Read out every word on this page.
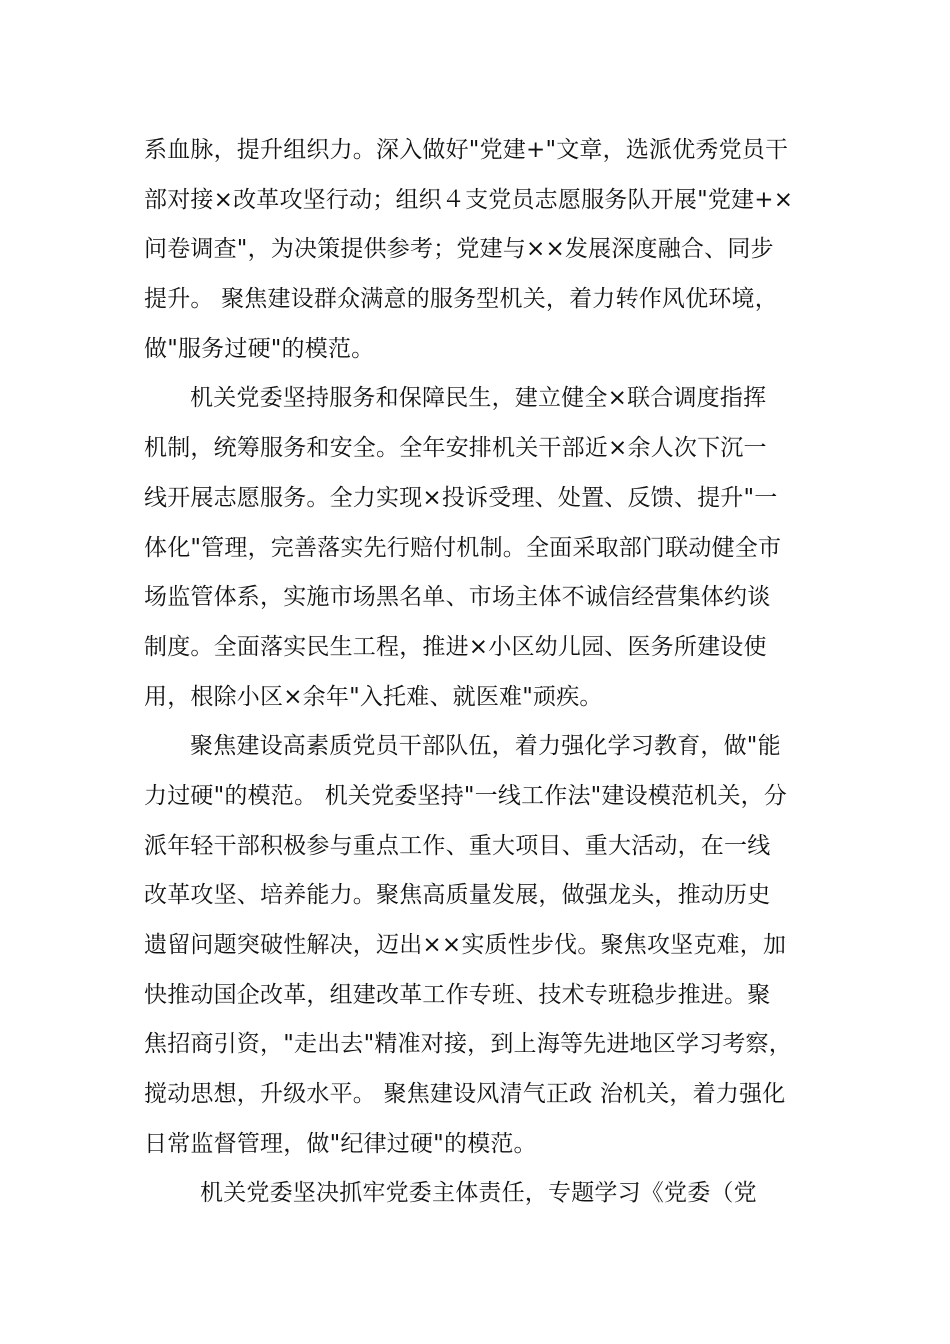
系血脉，提升组织力。深入做好"党建+"文章，选派优秀党员干
部对接×改革攻坚行动；组织４支党员志愿服务队开展"党建+×
问卷调查"，为决策提供参考；党建与××发展深度融合、同步
提升。 聚焦建设群众满意的服务型机关，着力转作风优环境，
做"服务过硬"的模范。
机关党委坚持服务和保障民生，建立健全×联合调度指挥
机制，统筹服务和安全。全年安排机关干部近×余人次下沉一
线开展志愿服务。全力实现×投诉受理、处置、反馈、提升"一
体化"管理，完善落实先行赔付机制。全面采取部门联动健全市
场监管体系，实施市场黑名单、市场主体不诚信经营集体约谈
制度。全面落实民生工程，推进×小区幼儿园、医务所建设使
用，根除小区×余年"入托难、就医难"顽疾。
聚焦建设高素质党员干部队伍，着力强化学习教育，做"能
力过硬"的模范。 机关党委坚持"一线工作法"建设模范机关，分
派年轻干部积极参与重点工作、重大项目、重大活动，在一线
改革攻坚、培养能力。聚焦高质量发展，做强龙头，推动历史
遗留问题突破性解决，迈出××实质性步伐。聚焦攻坚克难，加
快推动国企改革，组建改革工作专班、技术专班稳步推进。聚
焦招商引资，"走出去"精准对接，到上海等先进地区学习考察，
搅动思想，升级水平。 聚焦建设风清气正政 治机关，着力强化
日常监督管理，做"纪律过硬"的模范。
机关党委坚决抓牢党委主体责任，专题学习《党委（党
